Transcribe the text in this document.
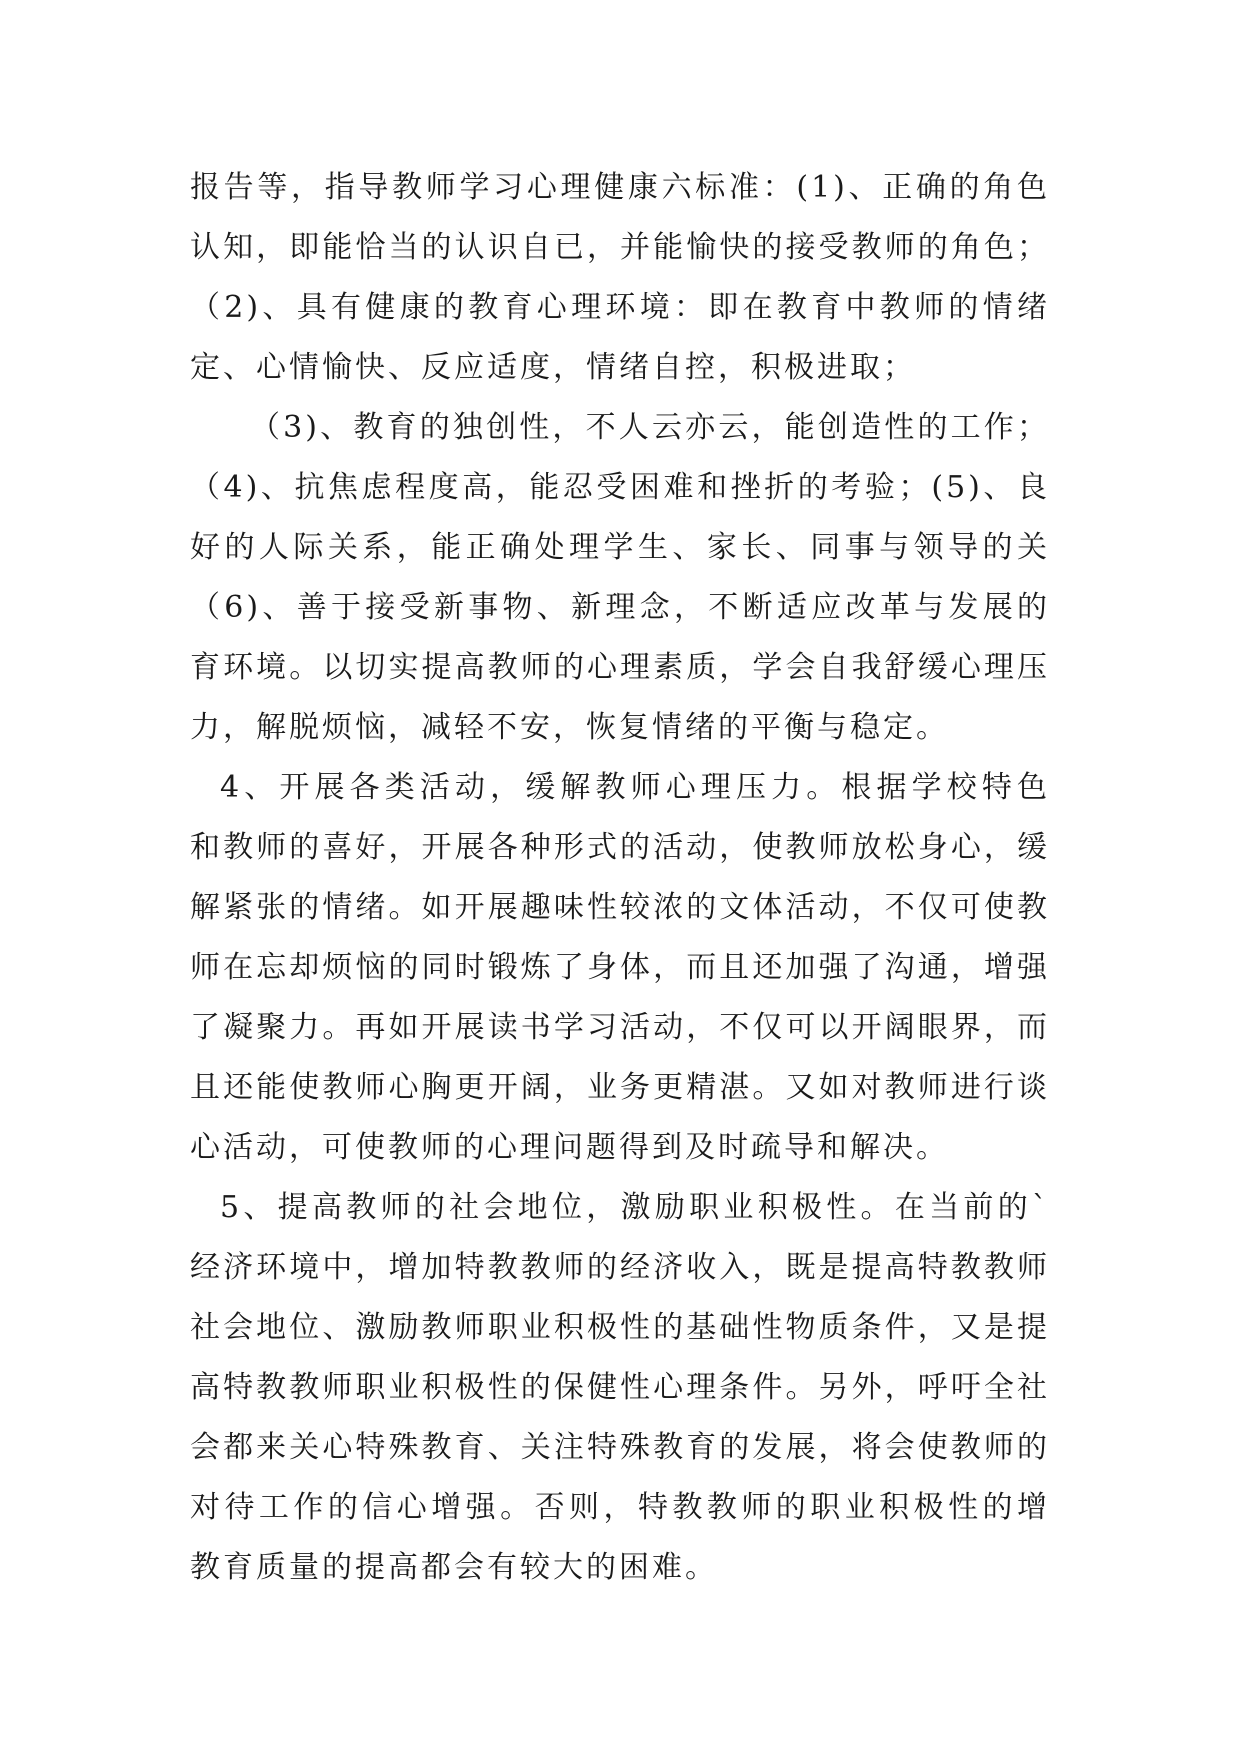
报告等，指导教师学习心理健康六标准：(1)、正确的角色
认知，即能恰当的认识自已，并能愉快的接受教师的角色；
（2)、具有健康的教育心理环境：即在教育中教师的情绪
定、心情愉快、反应适度，情绪自控，积极进取；
（3)、教育的独创性，不人云亦云，能创造性的工作；
（4)、抗焦虑程度高，能忍受困难和挫折的考验；(5)、良
好的人际关系，能正确处理学生、家长、同事与领导的关
（6)、善于接受新事物、新理念，不断适应改革与发展的
育环境。以切实提高教师的心理素质，学会自我舒缓心理压
力，解脱烦恼，减轻不安，恢复情绪的平衡与稳定。
4、开展各类活动，缓解教师心理压力。根据学校特色
和教师的喜好，开展各种形式的活动，使教师放松身心，缓
解紧张的情绪。如开展趣味性较浓的文体活动，不仅可使教
师在忘却烦恼的同时锻炼了身体，而且还加强了沟通，增强
了凝聚力。再如开展读书学习活动，不仅可以开阔眼界，而
且还能使教师心胸更开阔，业务更精湛。又如对教师进行谈
心活动，可使教师的心理问题得到及时疏导和解决。
5、提高教师的社会地位，激励职业积极性。在当前的`
经济环境中，增加特教教师的经济收入，既是提高特教教师
社会地位、激励教师职业积极性的基础性物质条件，又是提
高特教教师职业积极性的保健性心理条件。另外，呼吁全社
会都来关心特殊教育、关注特殊教育的发展，将会使教师的
对待工作的信心增强。否则，特教教师的职业积极性的增
教育质量的提高都会有较大的困难。
